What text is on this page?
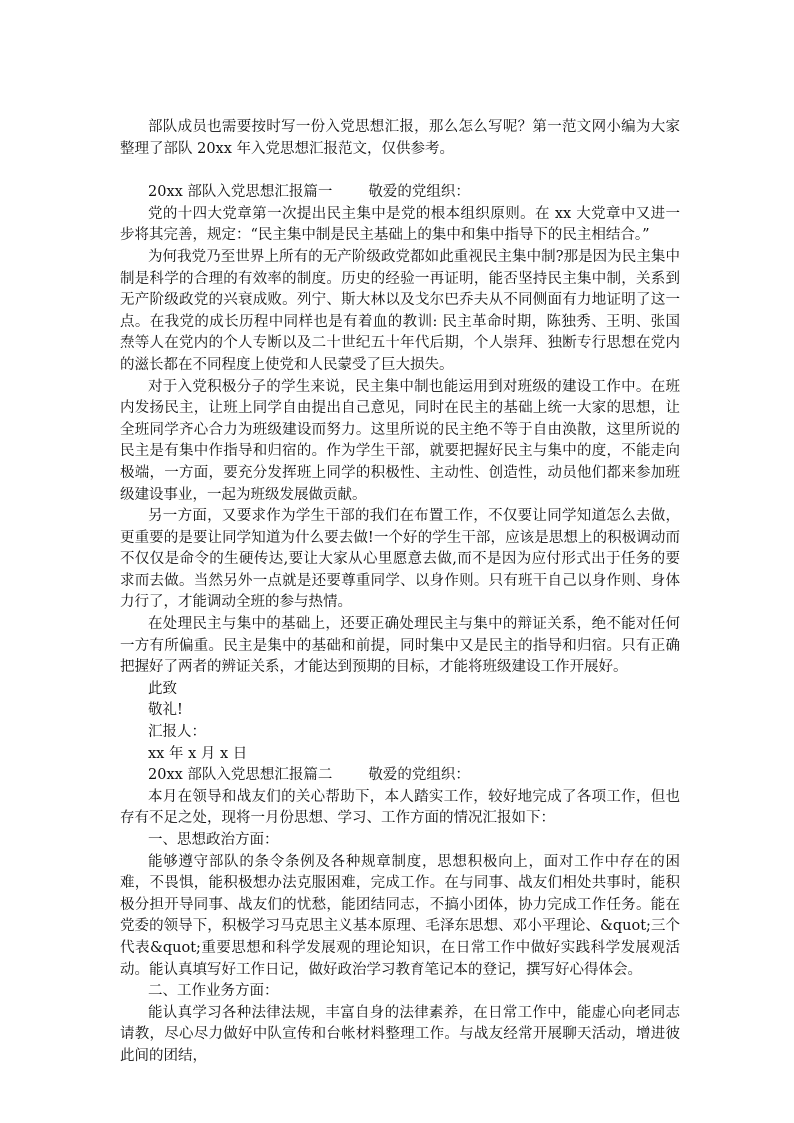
部队成员也需要按时写一份入党思想汇报，那么怎么写呢？第一范文网小编为大家整理了部队 20xx 年入党思想汇报范文，仅供参考。

20xx 部队入党思想汇报篇一 敬爱的党组织：

党的十四大党章第一次提出民主集中是党的根本组织原则。在 xx 大党章中又进一步将其完善，规定：“民主集中制是民主基础上的集中和集中指导下的民主相结合。”

为何我党乃至世界上所有的无产阶级政党都如此重视民主集中制?那是因为民主集中制是科学的合理的有效率的制度。历史的经验一再证明，能否坚持民主集中制，关系到无产阶级政党的兴衰成败。列宁、斯大林以及戈尔巴乔夫从不同侧面有力地证明了这一点。在我党的成长历程中同样也是有着血的教训: 民主革命时期，陈独秀、王明、张国焘等人在党内的个人专断以及二十世纪五十年代后期，个人崇拜、独断专行思想在党内的滋长都在不同程度上使党和人民蒙受了巨大损失。

对于入党积极分子的学生来说，民主集中制也能运用到对班级的建设工作中。在班内发扬民主，让班上同学自由提出自己意见，同时在民主的基础上统一大家的思想，让全班同学齐心合力为班级建设而努力。这里所说的民主绝不等于自由涣散，这里所说的民主是有集中作指导和归宿的。作为学生干部，就要把握好民主与集中的度，不能走向极端，一方面，要充分发挥班上同学的积极性、主动性、创造性，动员他们都来参加班级建设事业，一起为班级发展做贡献。

另一方面，又要求作为学生干部的我们在布置工作，不仅要让同学知道怎么去做，更重要的是要让同学知道为什么要去做!一个好的学生干部，应该是思想上的积极调动而不仅仅是命令的生硬传达,要让大家从心里愿意去做,而不是因为应付形式出于任务的要求而去做。当然另外一点就是还要尊重同学、以身作则。只有班干自己以身作则、身体力行了，才能调动全班的参与热情。

在处理民主与集中的基础上，还要正确处理民主与集中的辩证关系，绝不能对任何一方有所偏重。民主是集中的基础和前提，同时集中又是民主的指导和归宿。只有正确把握好了两者的辨证关系，才能达到预期的目标，才能将班级建设工作开展好。

此致

敬礼!

汇报人：

xx 年 x 月 x 日

20xx 部队入党思想汇报篇二 敬爱的党组织：

本月在领导和战友们的关心帮助下，本人踏实工作，较好地完成了各项工作，但也存有不足之处，现将一月份思想、学习、工作方面的情况汇报如下：

一、思想政治方面：

能够遵守部队的条令条例及各种规章制度，思想积极向上，面对工作中存在的困难，不畏惧，能积极想办法克服困难，完成工作。在与同事、战友们相处共事时，能积极分担开导同事、战友们的忧愁，能团结同志，不搞小团体，协力完成工作任务。能在党委的领导下，积极学习马克思主义基本原理、毛泽东思想、邓小平理论、&quot;三个代表&quot;重要思想和科学发展观的理论知识，在日常工作中做好实践科学发展观活动。能认真填写好工作日记，做好政治学习教育笔记本的登记，撰写好心得体会。

二、工作业务方面：

能认真学习各种法律法规，丰富自身的法律素养，在日常工作中，能虚心向老同志请教，尽心尽力做好中队宣传和台帐材料整理工作。与战友经常开展聊天活动，增进彼此间的团结，
